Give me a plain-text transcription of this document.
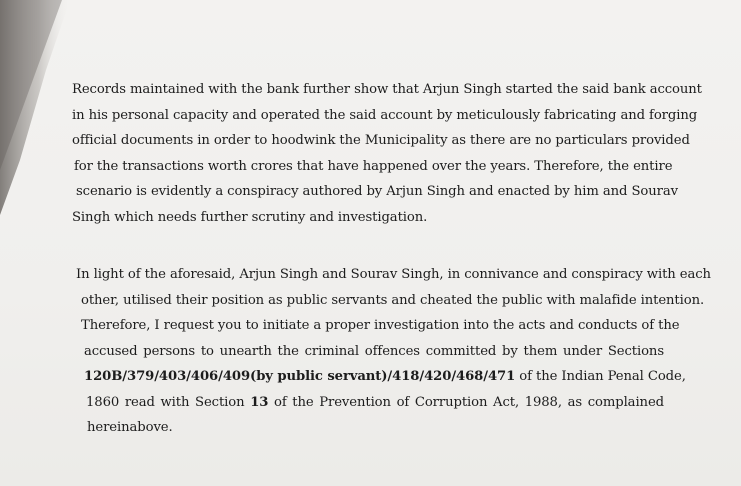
Records maintained with the bank further show that Arjun Singh started the said bank account
in his personal capacity and operated the said account by meticulously fabricating and forging
official documents in order to hoodwink the Municipality as there are no particulars provided
for the transactions worth crores that have happened over the years. Therefore, the entire
scenario is evidently a conspiracy authored by Arjun Singh and enacted by him and Sourav
Singh which needs further scrutiny and investigation.

In light of the aforesaid, Arjun Singh and Sourav Singh, in connivance and conspiracy with each
other, utilised their position as public servants and cheated the public with malafide intention.
Therefore, I request you to initiate a proper investigation into the acts and conducts of the
accused persons to unearth the criminal offences committed by them under Sections
120B/379/403/406/409(by public servant)/418/420/468/471 of the Indian Penal Code,
1860 read with Section 13 of the Prevention of Corruption Act, 1988, as complained
hereinabove.
